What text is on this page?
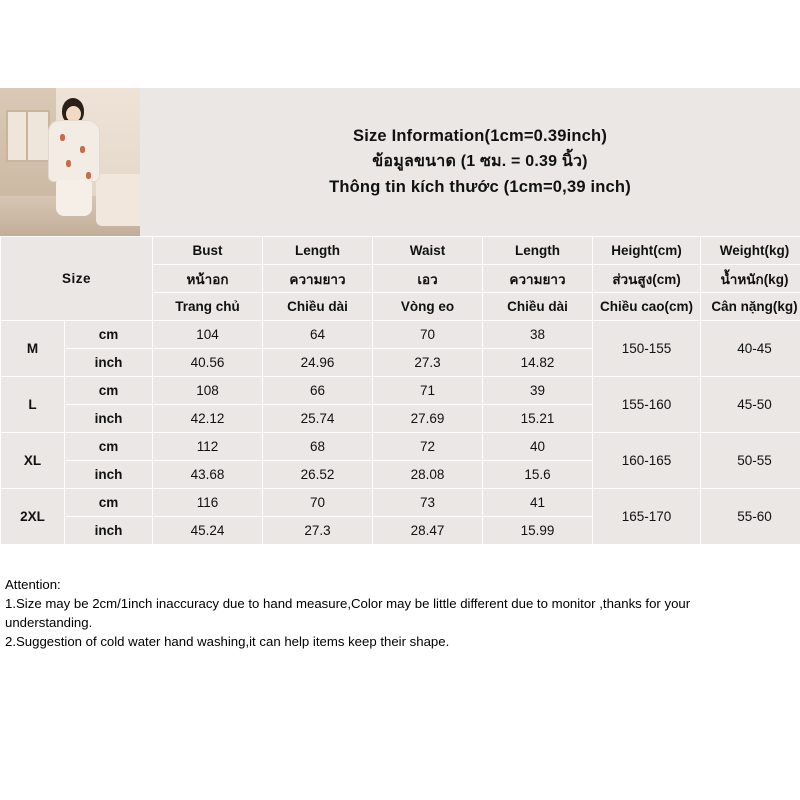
Size Information(1cm=0.39inch)
ข้อมูลขนาด (1 ซม. = 0.39 นิ้ว)
Thông tin kích thước (1cm=0,39 inch)
Size		Bust	Length	Waist	Length	Height(cm)	Weight(kg)
		หน้าอก	ความยาว	เอว	ความยาว	ส่วนสูง(cm)	น้ำหนัก(kg)
		Trang chủ	Chiều dài	Vòng eo	Chiều dài	Chiều cao(cm)	Cân nặng(kg)
M	cm	104	64	70	38	150-155	40-45
	inch	40.56	24.96	27.3	14.82		
L	cm	108	66	71	39	155-160	45-50
	inch	42.12	25.74	27.69	15.21		
XL	cm	112	68	72	40	160-165	50-55
	inch	43.68	26.52	28.08	15.6		
2XL	cm	116	70	73	41	165-170	55-60
	inch	45.24	27.3	28.47	15.99		
Attention:
1.Size may be 2cm/1inch inaccuracy due to hand measure,Color may be little different due to monitor ,thanks for your
understanding.
2.Suggestion of cold water hand washing,it can help items keep their shape.
